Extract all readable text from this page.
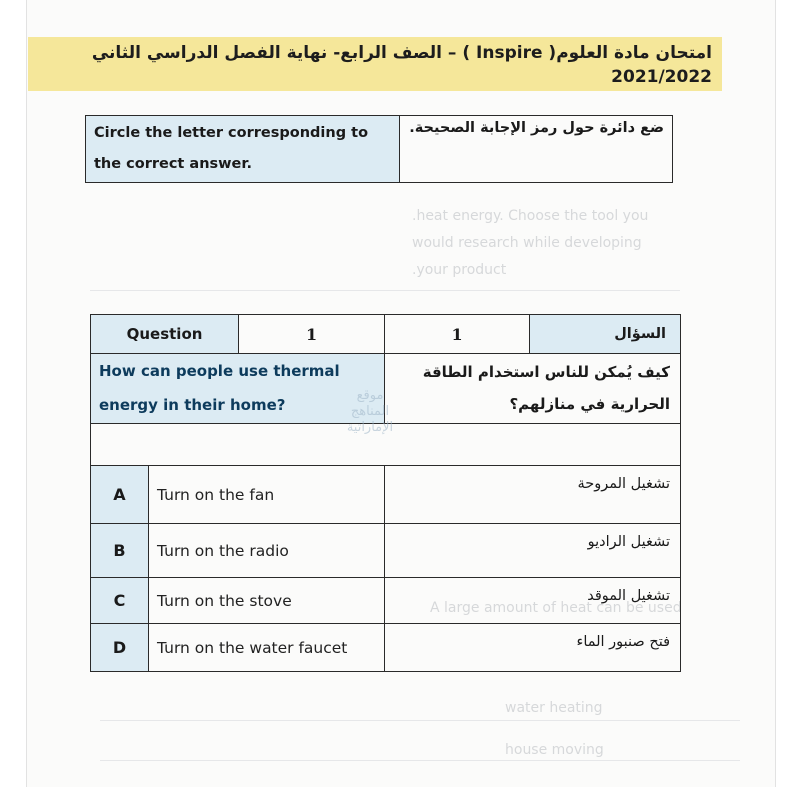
.heat energy. Choose the tool you
would research while developing
.your product
A large amount of heat can be used
water heating
house moving
امتحان مادة العلوم( Inspire ) – الصف الرابع- نهاية الفصل الدراسي الثاني 2021/2022
Circle the letter corresponding to the correct answer.	ضع دائرة حول رمز الإجابة الصحيحة.
Question		1	1	السؤال
How can people use thermal energy in their home?			كيف يُمكن للناس استخدام الطاقة الحرارية في منازلهم؟	

A	Turn on the fan		تشغيل المروحة	
B	Turn on the radio		تشغيل الراديو	
C	Turn on the stove		تشغيل الموقد	
D	Turn on the water faucet		فتح صنبور الماء	
موقع
المناهج الإماراتية
